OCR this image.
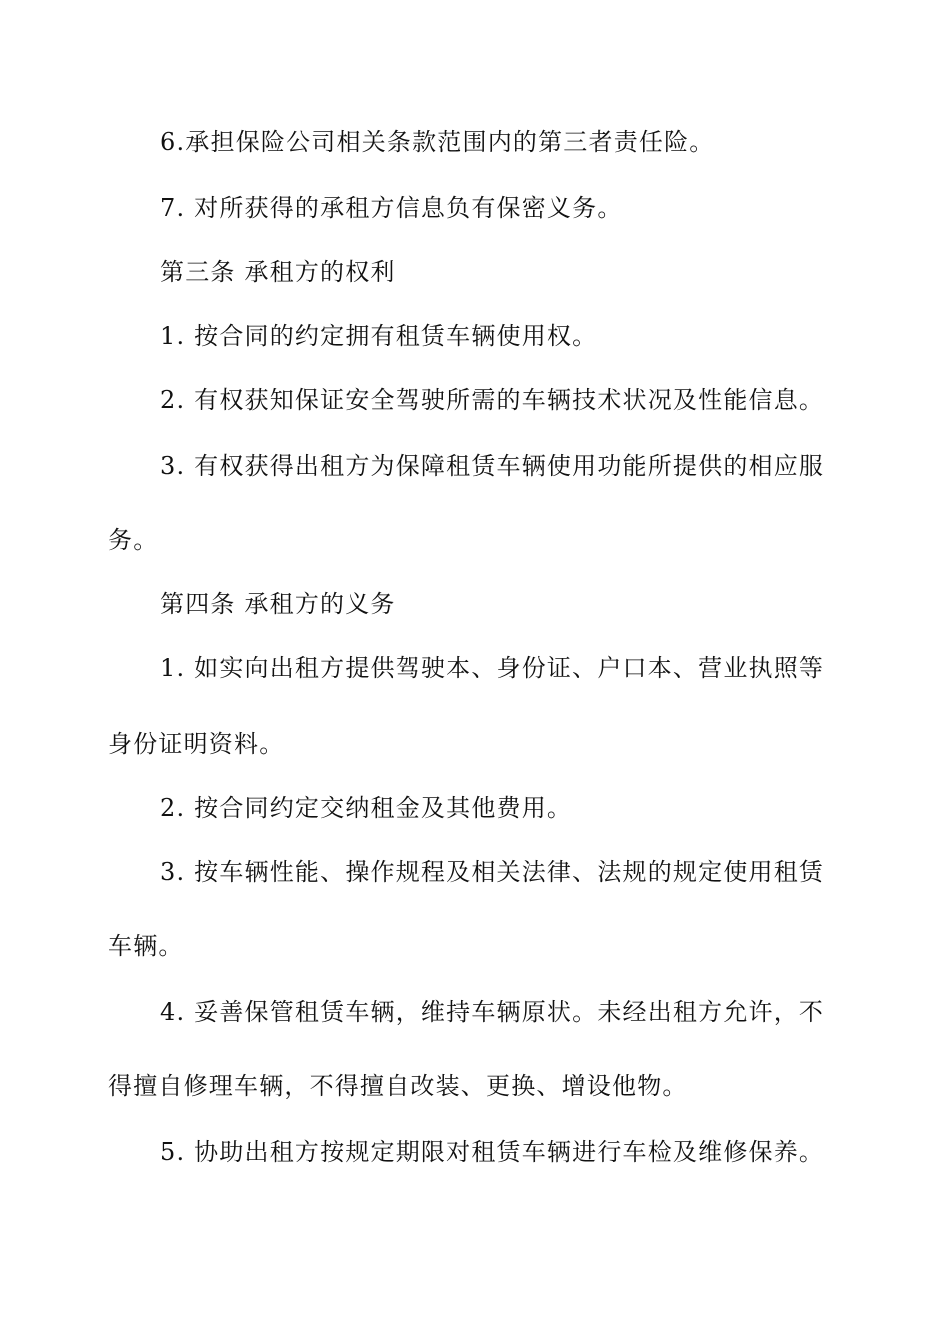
6.承担保险公司相关条款范围内的第三者责任险。
7. 对所获得的承租方信息负有保密义务。
第三条 承租方的权利
1. 按合同的约定拥有租赁车辆使用权。
2. 有权获知保证安全驾驶所需的车辆技术状况及性能信息。
3. 有权获得出租方为保障租赁车辆使用功能所提供的相应服
务。
第四条 承租方的义务
1. 如实向出租方提供驾驶本、身份证、户口本、营业执照等
身份证明资料。
2. 按合同约定交纳租金及其他费用。
3. 按车辆性能、操作规程及相关法律、法规的规定使用租赁
车辆。
4. 妥善保管租赁车辆，维持车辆原状。未经出租方允许，不
得擅自修理车辆，不得擅自改装、更换、增设他物。
5. 协助出租方按规定期限对租赁车辆进行车检及维修保养。
